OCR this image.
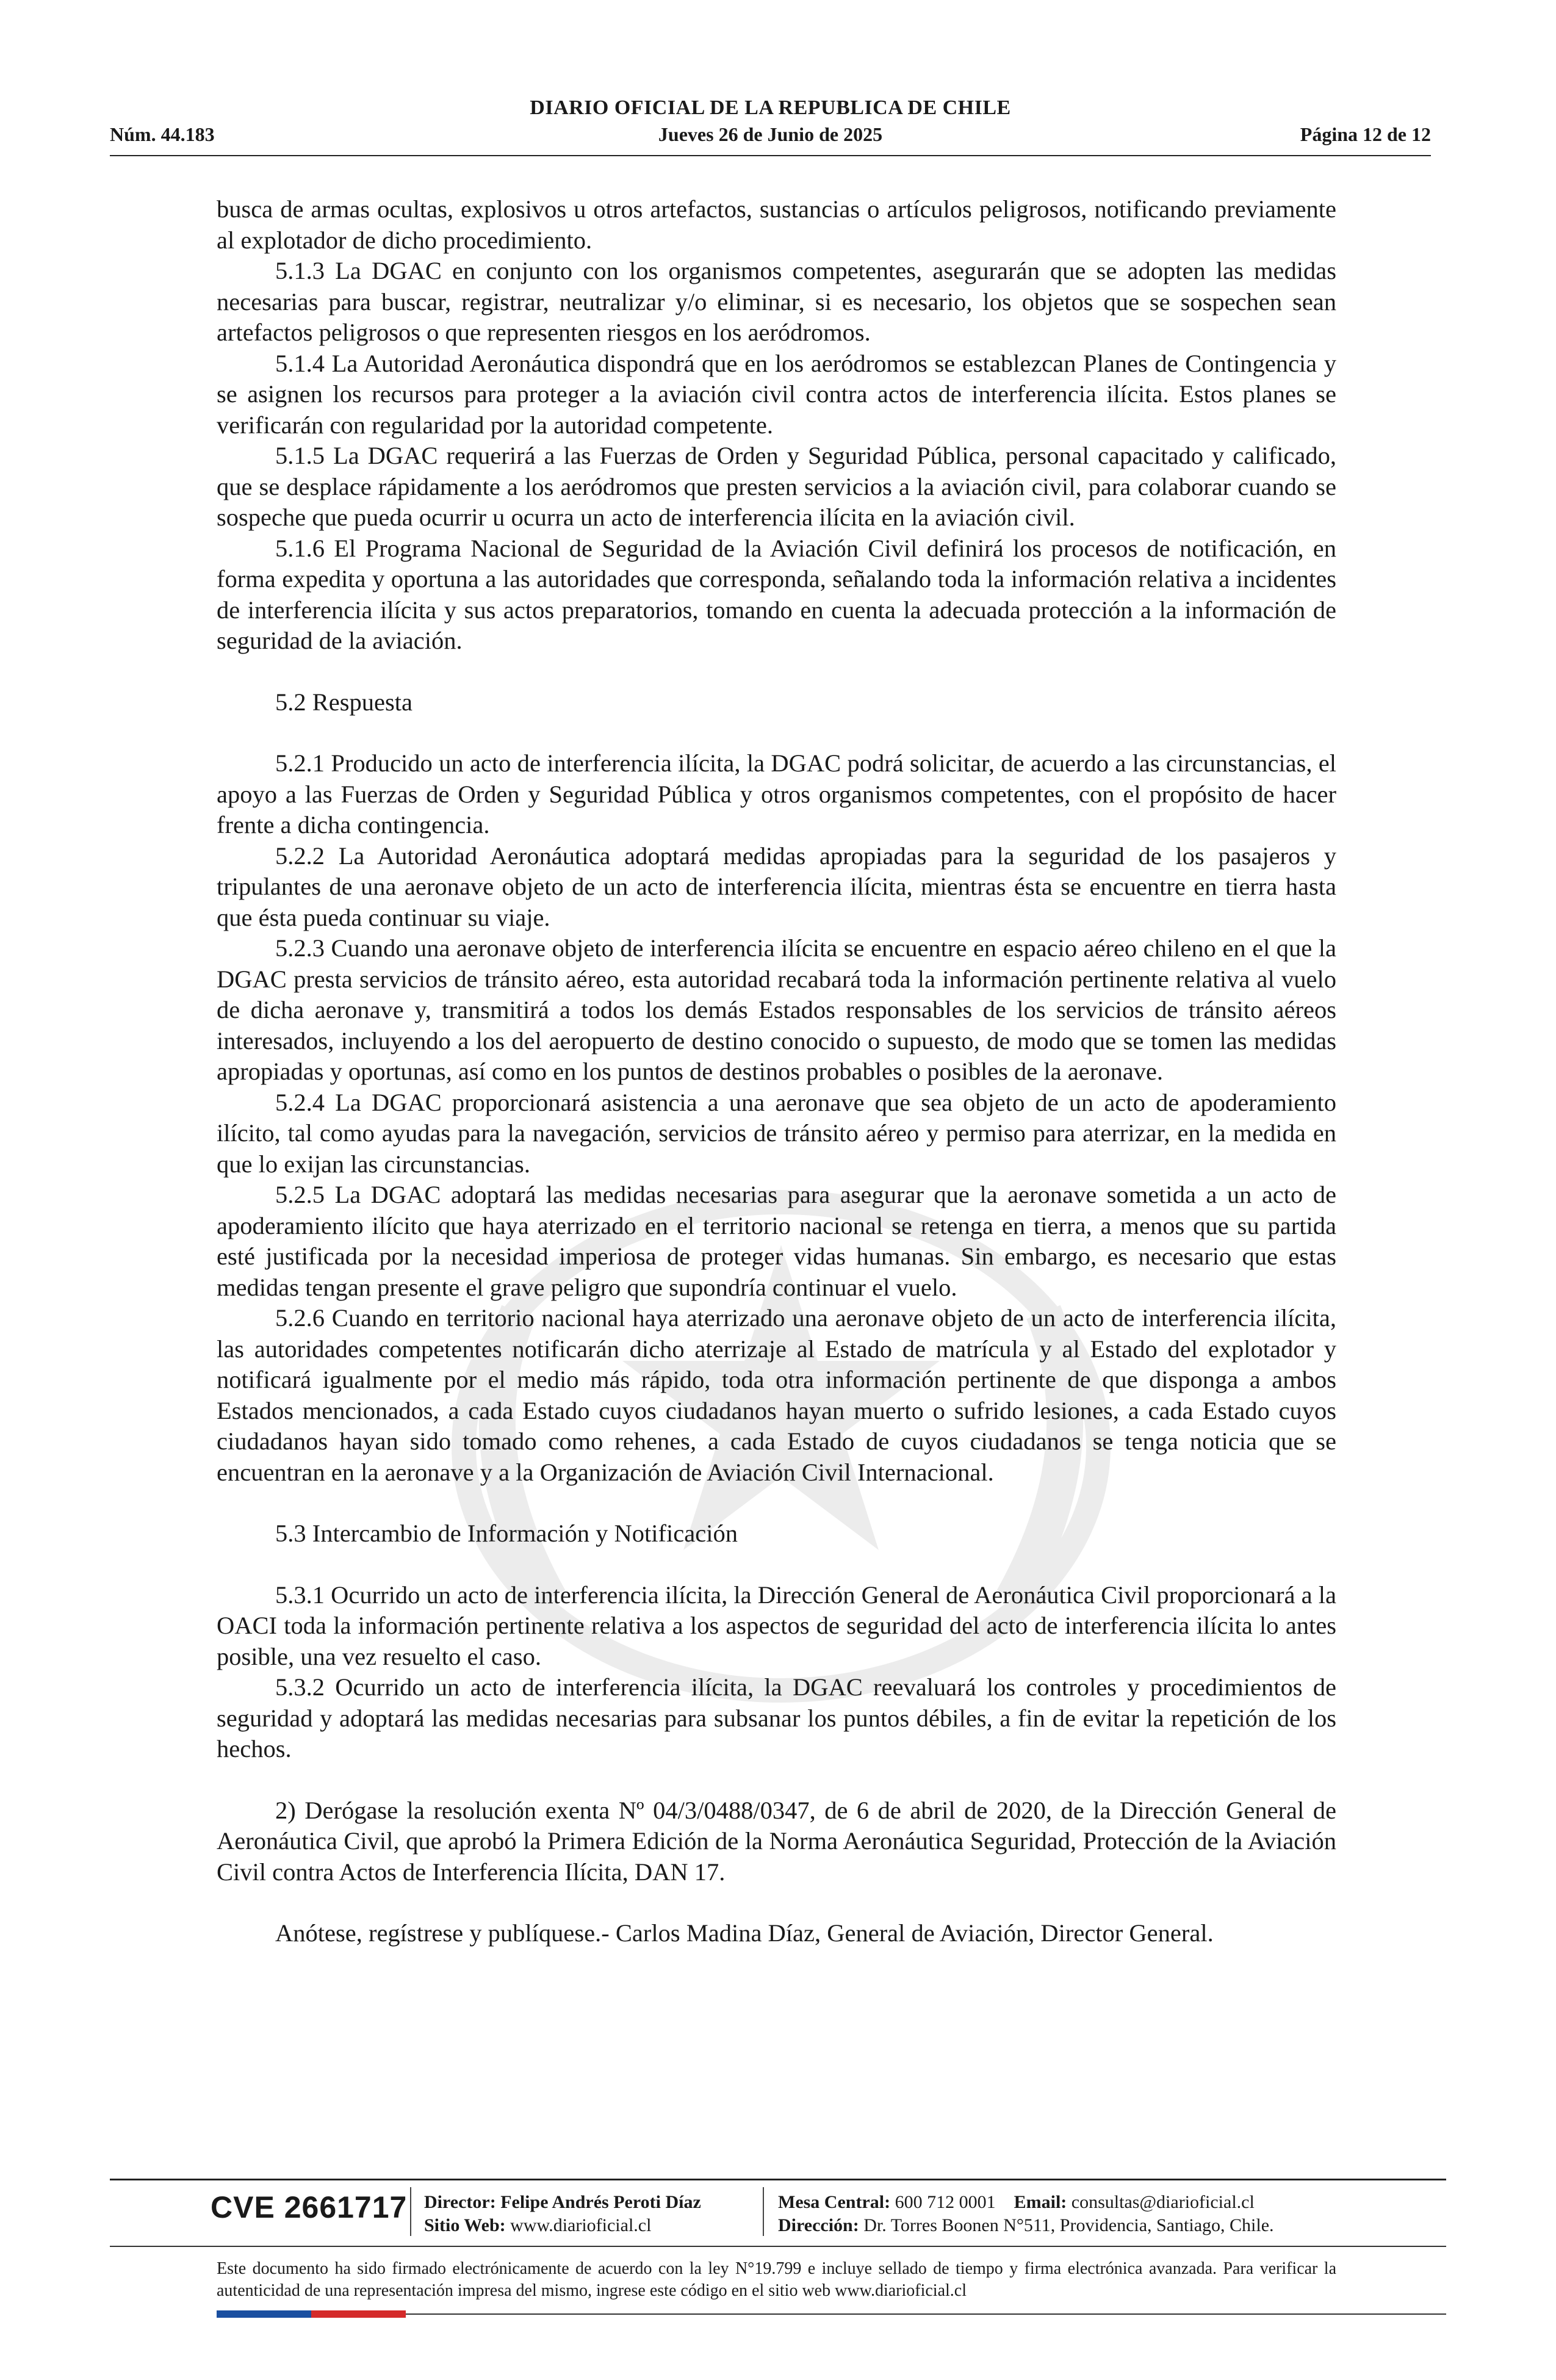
DIARIO OFICIAL DE LA REPUBLICA DE CHILE
Núm. 44.183	Jueves 26 de Junio de 2025	Página 12 de 12

busca de armas ocultas, explosivos u otros artefactos, sustancias o artículos peligrosos, notificando previamente al explotador de dicho procedimiento.

5.1.3 La DGAC en conjunto con los organismos competentes, asegurarán que se adopten las medidas necesarias para buscar, registrar, neutralizar y/o eliminar, si es necesario, los objetos que se sospechen sean artefactos peligrosos o que representen riesgos en los aeródromos.

5.1.4 La Autoridad Aeronáutica dispondrá que en los aeródromos se establezcan Planes de Contingencia y se asignen los recursos para proteger a la aviación civil contra actos de interferencia ilícita. Estos planes se verificarán con regularidad por la autoridad competente.

5.1.5 La DGAC requerirá a las Fuerzas de Orden y Seguridad Pública, personal capacitado y calificado, que se desplace rápidamente a los aeródromos que presten servicios a la aviación civil, para colaborar cuando se sospeche que pueda ocurrir u ocurra un acto de interferencia ilícita en la aviación civil.

5.1.6 El Programa Nacional de Seguridad de la Aviación Civil definirá los procesos de notificación, en forma expedita y oportuna a las autoridades que corresponda, señalando toda la información relativa a incidentes de interferencia ilícita y sus actos preparatorios, tomando en cuenta la adecuada protección a la información de seguridad de la aviación.

5.2 Respuesta

5.2.1 Producido un acto de interferencia ilícita, la DGAC podrá solicitar, de acuerdo a las circunstancias, el apoyo a las Fuerzas de Orden y Seguridad Pública y otros organismos competentes, con el propósito de hacer frente a dicha contingencia.

5.2.2 La Autoridad Aeronáutica adoptará medidas apropiadas para la seguridad de los pasajeros y tripulantes de una aeronave objeto de un acto de interferencia ilícita, mientras ésta se encuentre en tierra hasta que ésta pueda continuar su viaje.

5.2.3 Cuando una aeronave objeto de interferencia ilícita se encuentre en espacio aéreo chileno en el que la DGAC presta servicios de tránsito aéreo, esta autoridad recabará toda la información pertinente relativa al vuelo de dicha aeronave y, transmitirá a todos los demás Estados responsables de los servicios de tránsito aéreos interesados, incluyendo a los del aeropuerto de destino conocido o supuesto, de modo que se tomen las medidas apropiadas y oportunas, así como en los puntos de destinos probables o posibles de la aeronave.

5.2.4 La DGAC proporcionará asistencia a una aeronave que sea objeto de un acto de apoderamiento ilícito, tal como ayudas para la navegación, servicios de tránsito aéreo y permiso para aterrizar, en la medida en que lo exijan las circunstancias.

5.2.5 La DGAC adoptará las medidas necesarias para asegurar que la aeronave sometida a un acto de apoderamiento ilícito que haya aterrizado en el territorio nacional se retenga en tierra, a menos que su partida esté justificada por la necesidad imperiosa de proteger vidas humanas. Sin embargo, es necesario que estas medidas tengan presente el grave peligro que supondría continuar el vuelo.

5.2.6 Cuando en territorio nacional haya aterrizado una aeronave objeto de un acto de interferencia ilícita, las autoridades competentes notificarán dicho aterrizaje al Estado de matrícula y al Estado del explotador y notificará igualmente por el medio más rápido, toda otra información pertinente de que disponga a ambos Estados mencionados, a cada Estado cuyos ciudadanos hayan muerto o sufrido lesiones, a cada Estado cuyos ciudadanos hayan sido tomado como rehenes, a cada Estado de cuyos ciudadanos se tenga noticia que se encuentran en la aeronave y a la Organización de Aviación Civil Internacional.

5.3 Intercambio de Información y Notificación

5.3.1 Ocurrido un acto de interferencia ilícita, la Dirección General de Aeronáutica Civil proporcionará a la OACI toda la información pertinente relativa a los aspectos de seguridad del acto de interferencia ilícita lo antes posible, una vez resuelto el caso.

5.3.2 Ocurrido un acto de interferencia ilícita, la DGAC reevaluará los controles y procedimientos de seguridad y adoptará las medidas necesarias para subsanar los puntos débiles, a fin de evitar la repetición de los hechos.

2) Derógase la resolución exenta Nº 04/3/0488/0347, de 6 de abril de 2020, de la Dirección General de Aeronáutica Civil, que aprobó la Primera Edición de la Norma Aeronáutica Seguridad, Protección de la Aviación Civil contra Actos de Interferencia Ilícita, DAN 17.

Anótese, regístrese y publíquese.- Carlos Madina Díaz, General de Aviación, Director General.

CVE 2661717 Director: Felipe Andrés Peroti Díaz
Sitio Web: www.diarioficial.cl
Mesa Central: 600 712 0001 Email: consultas@diarioficial.cl
Dirección: Dr. Torres Boonen N°511, Providencia, Santiago, Chile.
Este documento ha sido firmado electrónicamente de acuerdo con la ley N°19.799 e incluye sellado de tiempo y firma electrónica avanzada. Para verificar la autenticidad de una representación impresa del mismo, ingrese este código en el sitio web www.diarioficial.cl
